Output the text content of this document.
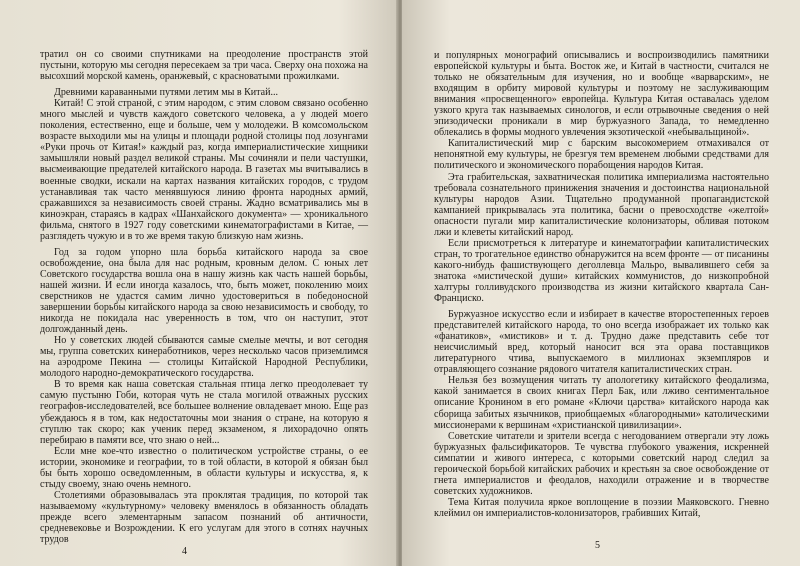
тратил он со своими спутниками на преодоление пространств этой пустыни, которую мы сегодня пересекаем за три часа. Сверху она похожа на высохший морской камень, оранжевый, с красноватыми прожилками.

Древними караванными путями летим мы в Китай...

Китай! С этой страной, с этим народом, с этим словом связано особенно много мыслей и чувств каждого советского человека, а у людей моего поколения, естественно, еще и больше, чем у молодежи. В комсомольском возрасте выходили мы на улицы и площади родной столицы под лозунгами «Руки прочь от Китая!» каждый раз, когда империалистические хищники замышляли новый раздел великой страны. Мы сочиняли и пели частушки, высмеивающие предателей китайского народа. В газетах мы вчитывались в военные сводки, искали на картах названия китайских городов, с трудом устанавливая так часто менявшуюся линию фронта народных армий, сражавшихся за независимость своей страны. Жадно всматривались мы в киноэкран, стараясь в кадрах «Шанхайского документа» — хроникального фильма, снятого в 1927 году советскими кинематографистами в Китае, — разглядеть чужую и в то же время такую близкую нам жизнь.

Год за годом упорно шла борьба китайского народа за свое освобождение, она была для нас родным, кровным делом. С юных лет Советского государства вошла она в нашу жизнь как часть нашей борьбы, нашей жизни. И если иногда казалось, что, быть может, поколению моих сверстников не удастся самим лично удостовериться в победоносной завершении борьбы китайского народа за свою независимость и свободу, то никогда не покидала нас уверенность в том, что он наступит, этот долгожданный день.

Но у советских людей сбываются самые смелые мечты, и вот сегодня мы, группа советских кинеработников, через несколько часов приземлимся на аэродроме Пекина — столицы Китайской Народной Республики, молодого народно-демократического государства.

В то время как наша советская стальная птица легко преодолевает ту самую пустыню Гоби, которая чуть не стала могилой отважных русских географов-исследователей, все большее волнение овладевает мною. Еще раз убеждаюсь я в том, как недостаточны мои знания о стране, на которую я ступлю так скоро; как ученик перед экзаменом, я лихорадочно опять перебираю в памяти все, что знаю о ней...

Если мне кое-что известно о политическом устройстве страны, о ее истории, экономике и географии, то в той области, в которой я обязан был бы быть хорошо осведомленным, в области культуры и искусства, я, к стыду своему, знаю очень немного.

Столетиями образовывалась эта проклятая традиция, по которой так называемому «культурному» человеку вменялось в обязанность обладать прежде всего элементарным запасом познаний об античности, средневековье и Возрождении. К его услугам для этого в сотнях научных трудов

4

и популярных монографий описывались и воспроизводились памятники европейской культуры и быта. Восток же, и Китай в частности, считался не только не обязательным для изучения, но и вообще «варварским», не входящим в орбиту мировой культуры и поэтому не заслуживающим внимания «просвещенного» европейца. Культура Китая оставалась уделом узкого круга так называемых синологов, и если отрывочные сведения о ней эпизодически проникали в мир буржуазного Запада, то немедленно облекались в формы модного увлечения экзотической «небывальщиной».

Капиталистический мир с барским высокомерием отмахивался от непонятной ему культуры, не брезгуя тем временем любыми средствами для политического и экономического порабощения народов Китая.

Эта грабительская, захватническая политика империализма настоятельно требовала сознательного принижения значения и достоинства национальной культуры народов Азии. Тщательно продуманной пропагандистской кампанией прикрывалась эта политика, басни о превосходстве «желтой» опасности пугали мир капиталистические колонизаторы, обливая потоком лжи и клеветы китайский народ.

Если присмотреться к литературе и кинематографии капиталистических стран, то трогательное единство обнаружится на всем фронте — от писанины какого-нибудь фашиствующего деголлевца Мальро, вывалившего себя за знатока «мистической души» китайских коммунистов, до низкопробной халтуры голливудского производства из жизни китайского квартала Сан-Франциско.

Буржуазное искусство если и избирает в качестве второстепенных героев представителей китайского народа, то оно всегда изображает их только как «фанатиков», «мистиков» и т. д. Трудно даже представить себе тот неисчислимый вред, который наносит вся эта орава поставщиков литературного чтива, выпускаемого в миллионах экземпляров и отравляющего сознание рядового читателя капиталистических стран.

Нельзя без возмущения читать ту апологетику китайского феодализма, какой занимается в своих книгах Перл Бак, или лживо сентиментальное описание Кронином в его романе «Ключи царства» китайского народа как сборища забитых язычников, приобщаемых «благородными» католическими миссионерами к вершинам «христианской цивилизации».

Советские читатели и зрители всегда с негодованием отвергали эту ложь буржуазных фальсификаторов. Те чувства глубокого уважения, искренней симпатии и живого интереса, с которыми советский народ следил за героической борьбой китайских рабочих и крестьян за свое освобождение от гнета империалистов и феодалов, находили отражение и в творчестве советских художников.

Тема Китая получила яркое воплощение в поэзии Маяковского. Гневно клеймил он империалистов-колонизаторов, грабивших Китай,

5
